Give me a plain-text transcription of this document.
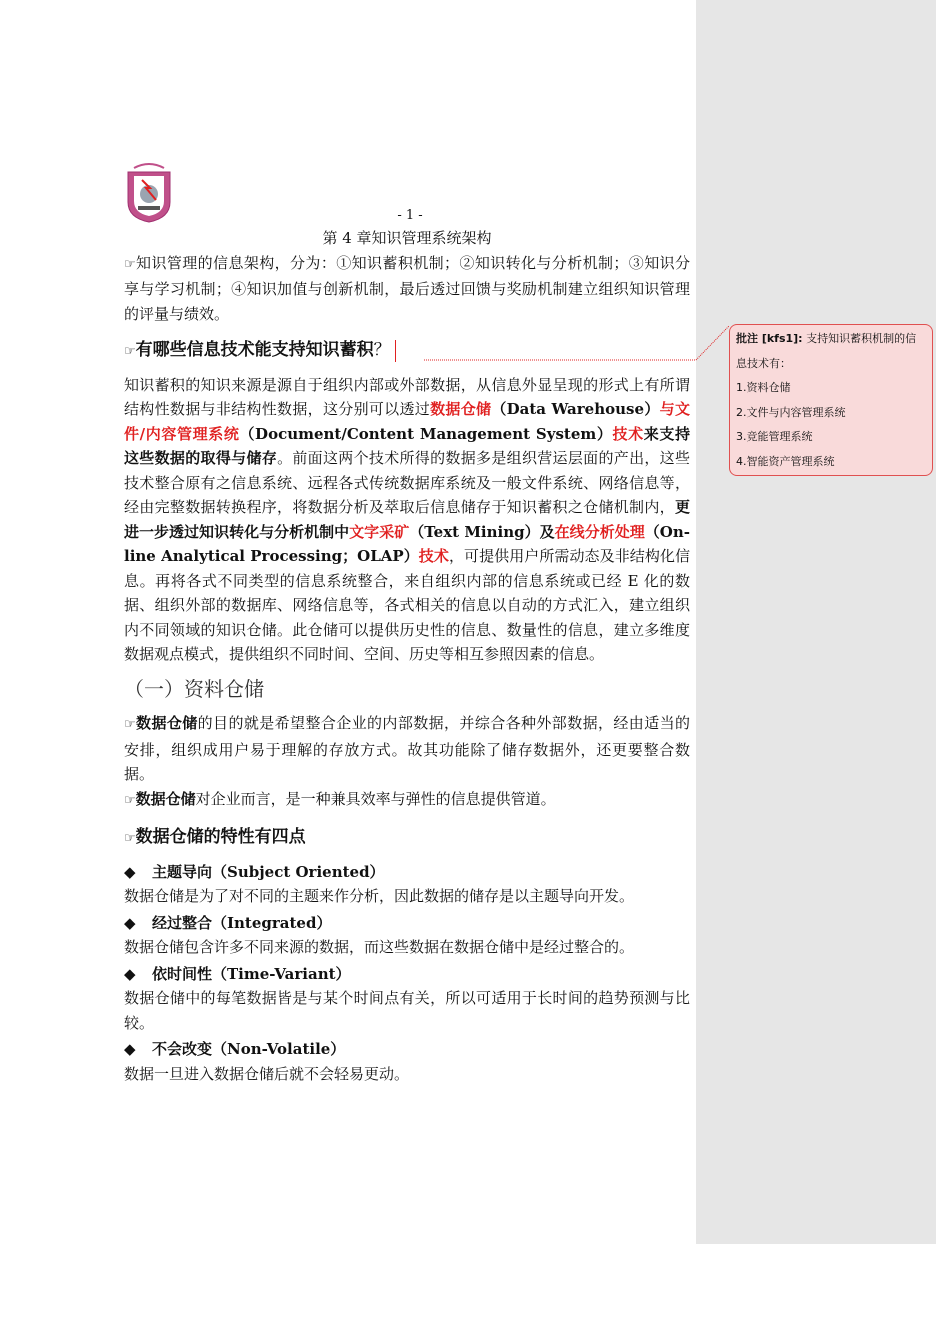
- 1 -

第 4 章知识管理系统架构

☞知识管理的信息架构，分为：①知识蓄积机制；②知识转化与分析机制；③知识分享与学习机制；④知识加值与创新机制，最后透过回馈与奖励机制建立组织知识管理的评量与绩效。

☞有哪些信息技术能支持知识蓄积？

知识蓄积的知识来源是源自于组织内部或外部数据，从信息外显呈现的形式上有所谓结构性数据与非结构性数据，这分别可以透过数据仓储（Data Warehouse）与文件/内容管理系统（Document/Content Management System）技术来支持这些数据的取得与储存。前面这两个技术所得的数据多是组织营运层面的产出，这些技术整合原有之信息系统、远程各式传统数据库系统及一般文件系统、网络信息等，经由完整数据转换程序，将数据分析及萃取后信息储存于知识蓄积之仓储机制内，更进一步透过知识转化与分析机制中文字采矿（Text Mining）及在线分析处理（On-line Analytical Processing；OLAP）技术，可提供用户所需动态及非结构化信息。再将各式不同类型的信息系统整合，来自组织内部的信息系统或已经 E 化的数据、组织外部的数据库、网络信息等，各式相关的信息以自动的方式汇入，建立组织内不同领域的知识仓储。此仓储可以提供历史性的信息、数量性的信息，建立多维度数据观点模式，提供组织不同时间、空间、历史等相互参照因素的信息。

（一）资料仓储

☞数据仓储的目的就是希望整合企业的内部数据，并综合各种外部数据，经由适当的安排，组织成用户易于理解的存放方式。故其功能除了储存数据外，还更要整合数据。

☞数据仓储对企业而言，是一种兼具效率与弹性的信息提供管道。

☞数据仓储的特性有四点

◆ 主题导向（Subject Oriented）

数据仓储是为了对不同的主题来作分析，因此数据的储存是以主题导向开发。

◆ 经过整合（Integrated）

数据仓储包含许多不同来源的数据，而这些数据在数据仓储中是经过整合的。

◆ 依时间性（Time-Variant）

数据仓储中的每笔数据皆是与某个时间点有关，所以可适用于长时间的趋势预测与比较。

◆ 不会改变（Non-Volatile）

数据一旦进入数据仓储后就不会轻易更动。

批注 [kfs1]: 支持知识蓄积机制的信息技术有：
1.资料仓储
2.文件与内容管理系统
3.竞能管理系统
4.智能资产管理系统
